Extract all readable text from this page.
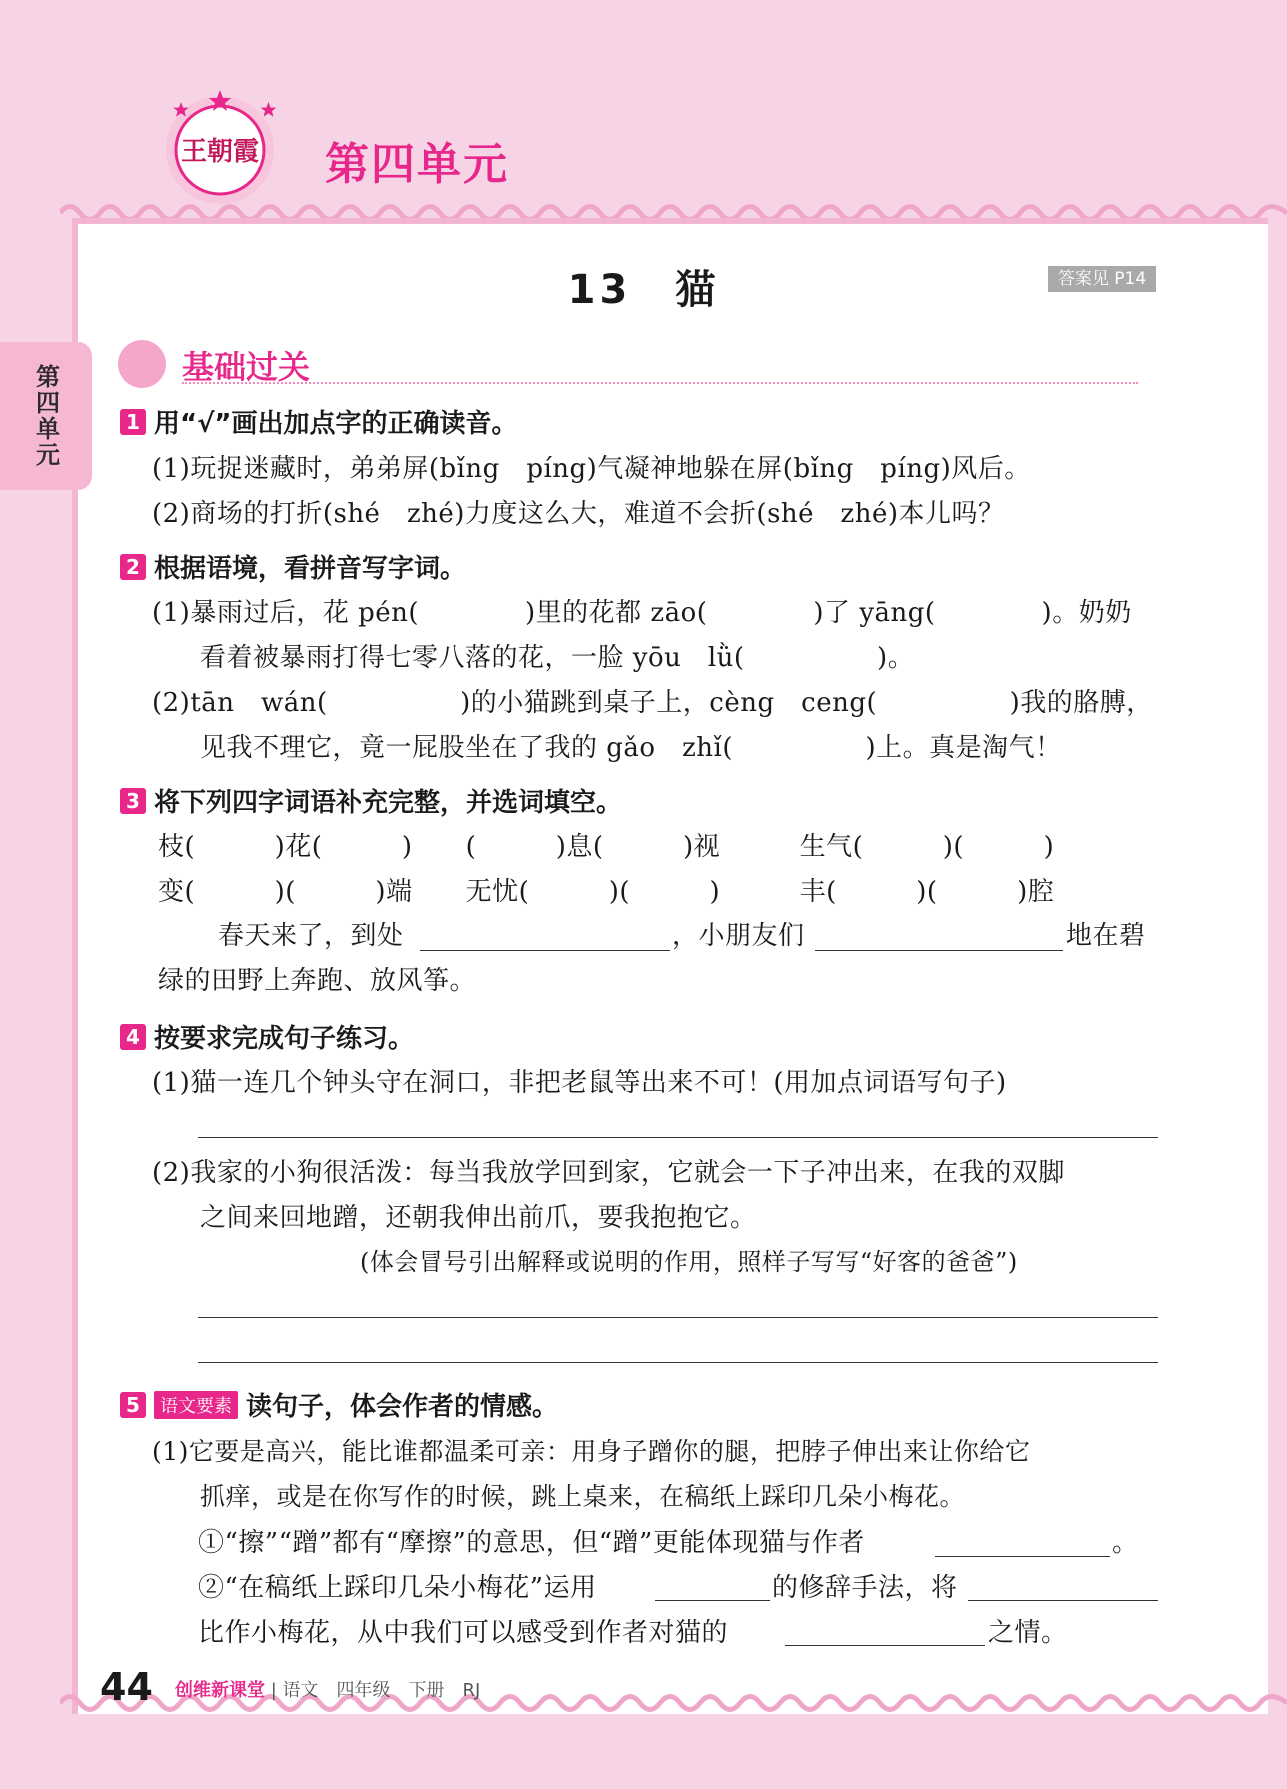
王朝霞 第四单元
第四单元
13　猫	答案见 P14
基础过关
1 用“√”画出加点字的正确读音。
(1)玩捉迷藏时，弟弟屏(bǐng　píng)气凝神地躲在屏(bǐng　píng)风后。
(2)商场的打折(shé　zhé)力度这么大，难道不会折(shé　zhé)本儿吗？
2 根据语境，看拼音写字词。
(1)暴雨过后，花 pén(　　　　)里的花都 zāo(　　　　)了 yāng(　　　　)。奶奶
看着被暴雨打得七零八落的花，一脸 yōu　lǜ(　　　　　)。
(2)tān　wán(　　　　　)的小猫跳到桌子上，cèng　ceng(　　　　　)我的胳膊，
见我不理它，竟一屁股坐在了我的 gǎo　zhǐ(　　　　　)上。真是淘气！
3 将下列四字词语补充完整，并选词填空。
枝(　　　)花(　　　)　　(　　　)息(　　　)视　　　生气(　　　)(　　　)
变(　　　)(　　　)端　　无忧(　　　)(　　　)　　　丰(　　　)(　　　)腔
春天来了，到处	，小朋友们	地在碧
绿的田野上奔跑、放风筝。
4 按要求完成句子练习。
(1)猫一连几个钟头守在洞口，非把老鼠等出来不可！(用加点词语写句子)
(2)我家的小狗很活泼：每当我放学回到家，它就会一下子冲出来，在我的双脚
之间来回地蹭，还朝我伸出前爪，要我抱抱它。
(体会冒号引出解释或说明的作用，照样子写写“好客的爸爸”)
5	语文要素 读句子，体会作者的情感。
(1)它要是高兴，能比谁都温柔可亲：用身子蹭你的腿，把脖子伸出来让你给它
抓痒，或是在你写作的时候，跳上桌来，在稿纸上踩印几朵小梅花。
①“擦”“蹭”都有“摩擦”的意思，但“蹭”更能体现猫与作者	。
②“在稿纸上踩印几朵小梅花”运用	的修辞手法，将
比作小梅花，从中我们可以感受到作者对猫的	之情。
44 创维新课堂 | 语文　四年级　下册　RJ
